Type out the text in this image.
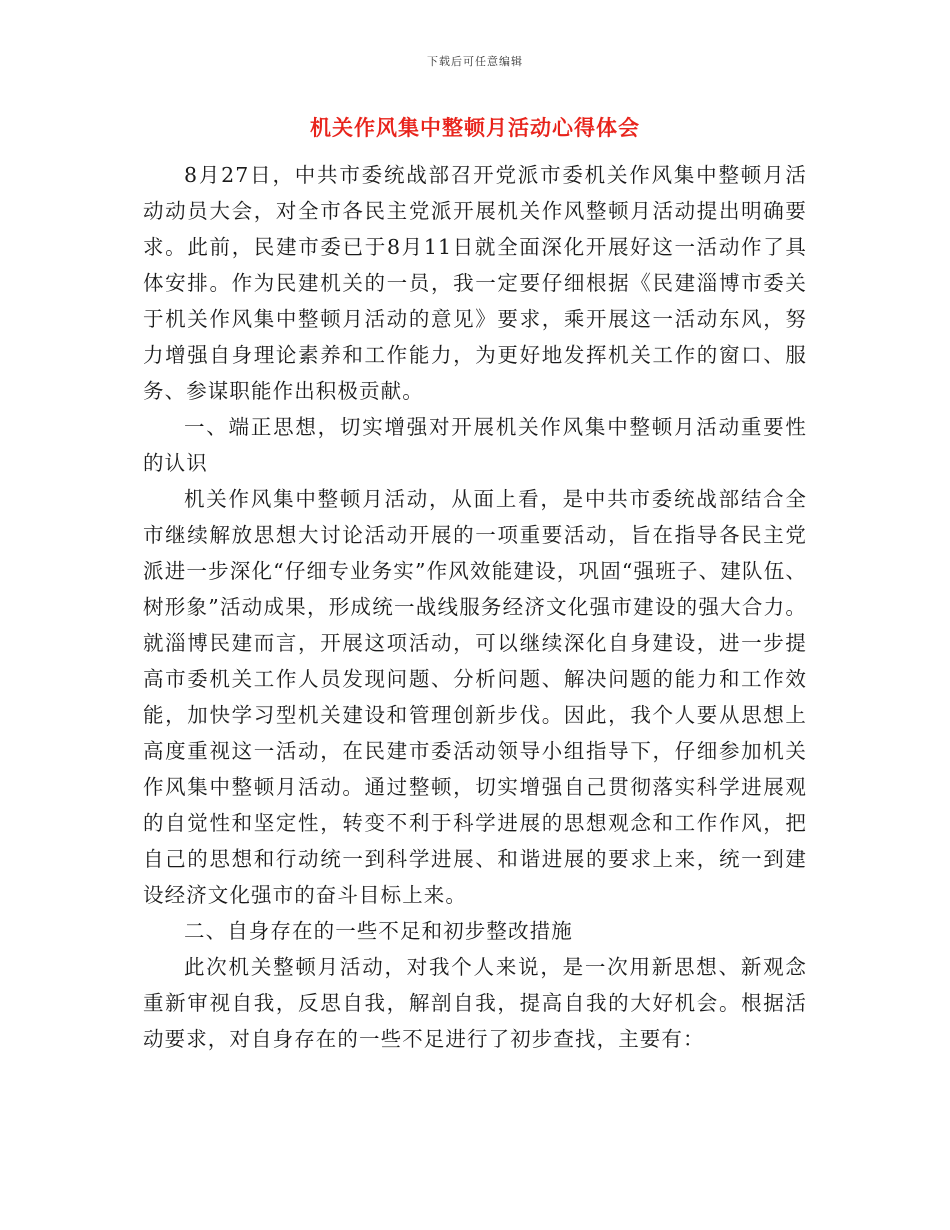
下载后可任意编辑
机关作风集中整顿月活动心得体会

8月27日，中共市委统战部召开党派市委机关作风集中整顿月活动动员大会，对全市各民主党派开展机关作风整顿月活动提出明确要求。此前，民建市委已于8月11日就全面深化开展好这一活动作了具体安排。作为民建机关的一员，我一定要仔细根据《民建淄博市委关于机关作风集中整顿月活动的意见》要求，乘开展这一活动东风，努力增强自身理论素养和工作能力，为更好地发挥机关工作的窗口、服务、参谋职能作出积极贡献。

一、端正思想，切实增强对开展机关作风集中整顿月活动重要性的认识

机关作风集中整顿月活动，从面上看，是中共市委统战部结合全市继续解放思想大讨论活动开展的一项重要活动，旨在指导各民主党派进一步深化“仔细专业务实”作风效能建设，巩固“强班子、建队伍、树形象”活动成果，形成统一战线服务经济文化强市建设的强大合力。就淄博民建而言，开展这项活动，可以继续深化自身建设，进一步提高市委机关工作人员发现问题、分析问题、解决问题的能力和工作效能，加快学习型机关建设和管理创新步伐。因此，我个人要从思想上高度重视这一活动，在民建市委活动领导小组指导下，仔细参加机关作风集中整顿月活动。通过整顿，切实增强自己贯彻落实科学进展观的自觉性和坚定性，转变不利于科学进展的思想观念和工作作风，把自己的思想和行动统一到科学进展、和谐进展的要求上来，统一到建设经济文化强市的奋斗目标上来。

二、自身存在的一些不足和初步整改措施

此次机关整顿月活动，对我个人来说，是一次用新思想、新观念重新审视自我，反思自我，解剖自我，提高自我的大好机会。根据活动要求，对自身存在的一些不足进行了初步查找，主要有：
